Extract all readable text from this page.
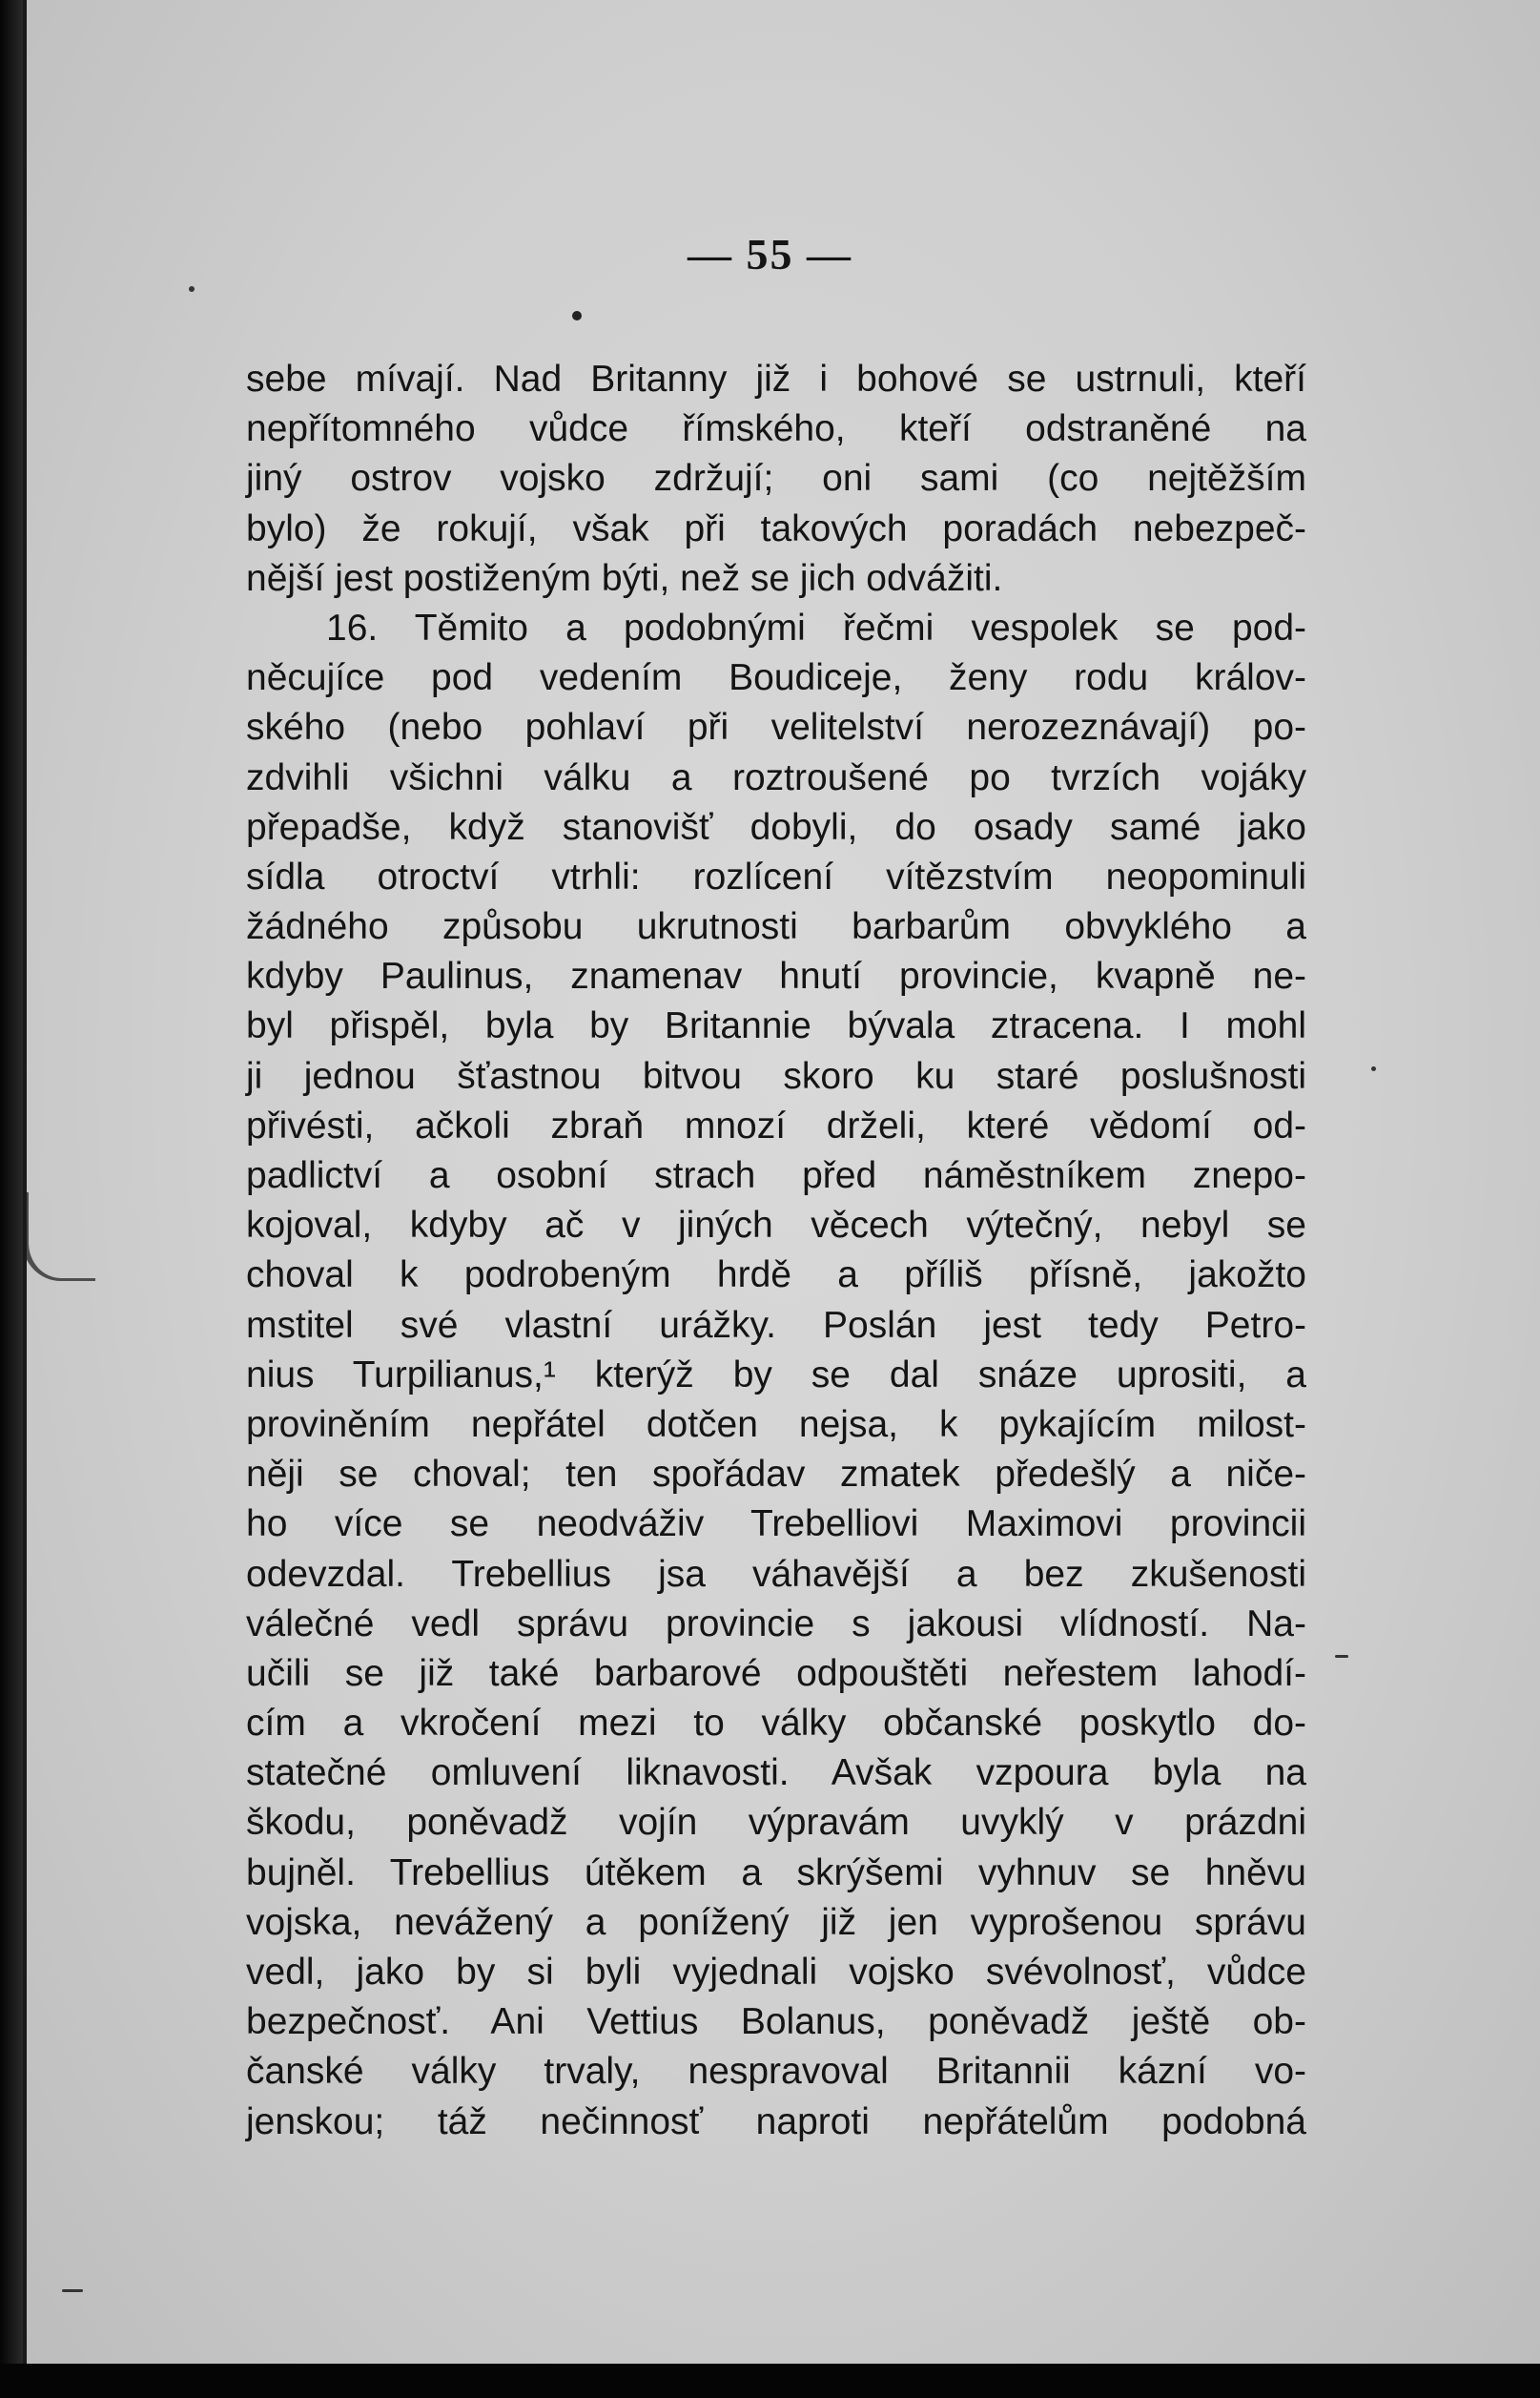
— 55 —
sebe mívají. Nad Britanny již i bohové se ustrnuli, kteří
nepřítomného vůdce římského, kteří odstraněné na
jiný ostrov vojsko zdržují; oni sami (co nejtěžším
bylo) že rokují, však při takových poradách nebezpeč-
nější jest postiženým býti, než se jich odvážiti.
16. Těmito a podobnými řečmi vespolek se pod-
něcujíce pod vedením Boudiceje, ženy rodu králov-
ského (nebo pohlaví při velitelství nerozeznávají) po-
zdvihli všichni válku a roztroušené po tvrzích vojáky
přepadše, když stanovišť dobyli, do osady samé jako
sídla otroctví vtrhli: rozlícení vítězstvím neopominuli
žádného způsobu ukrutnosti barbarům obvyklého a
kdyby Paulinus, znamenav hnutí provincie, kvapně ne-
byl přispěl, byla by Britannie bývala ztracena. I mohl
ji jednou šťastnou bitvou skoro ku staré poslušnosti
přivésti, ačkoli zbraň mnozí drželi, které vědomí od-
padlictví a osobní strach před náměstníkem znepo-
kojoval, kdyby ač v jiných věcech výtečný, nebyl se
choval k podrobeným hrdě a příliš přísně, jakožto
mstitel své vlastní urážky. Poslán jest tedy Petro-
nius Turpilianus,¹ kterýž by se dal snáze uprositi, a
proviněním nepřátel dotčen nejsa, k pykajícím milost-
něji se choval; ten spořádav zmatek předešlý a niče-
ho více se neodváživ Trebelliovi Maximovi provincii
odevzdal. Trebellius jsa váhavější a bez zkušenosti
válečné vedl správu provincie s jakousi vlídností. Na-
učili se již také barbarové odpouštěti neřestem lahodí-
cím a vkročení mezi to války občanské poskytlo do-
statečné omluvení liknavosti. Avšak vzpoura byla na
škodu, poněvadž vojín výpravám uvyklý v prázdni
bujněl. Trebellius útěkem a skrýšemi vyhnuv se hněvu
vojska, nevážený a ponížený již jen vyprošenou správu
vedl, jako by si byli vyjednali vojsko svévolnosť, vůdce
bezpečnosť. Ani Vettius Bolanus, poněvadž ještě ob-
čanské války trvaly, nespravoval Britannii kázní vo-
jenskou; táž nečinnosť naproti nepřátelům podobná
